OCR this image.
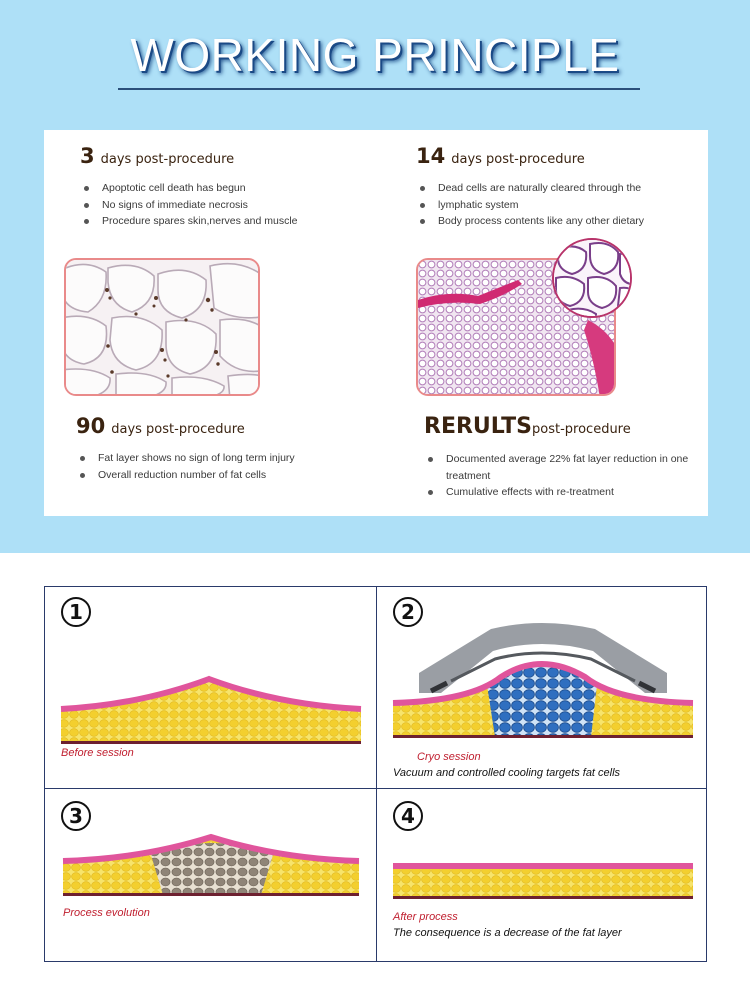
WORKING PRINCIPLE
3 days post-procedure
Apoptotic cell death has begun
No signs of immediate necrosis
Procedure spares skin,nerves and muscle
14 days post-procedure
Dead cells are naturally cleared through the
lymphatic system
Body process contents like any other dietary
90 days post-procedure
Fat layer shows no sign of long term injury
Overall reduction number of fat cells
RERULTS post-procedure
Documented average 22% fat layer reduction in one treatment
Cumulative effects with re-treatment
1
Before session
2
Cryo session
Vacuum and controlled cooling targets fat cells
3
Process evolution
4
After process
The consequence is a decrease of the fat layer
